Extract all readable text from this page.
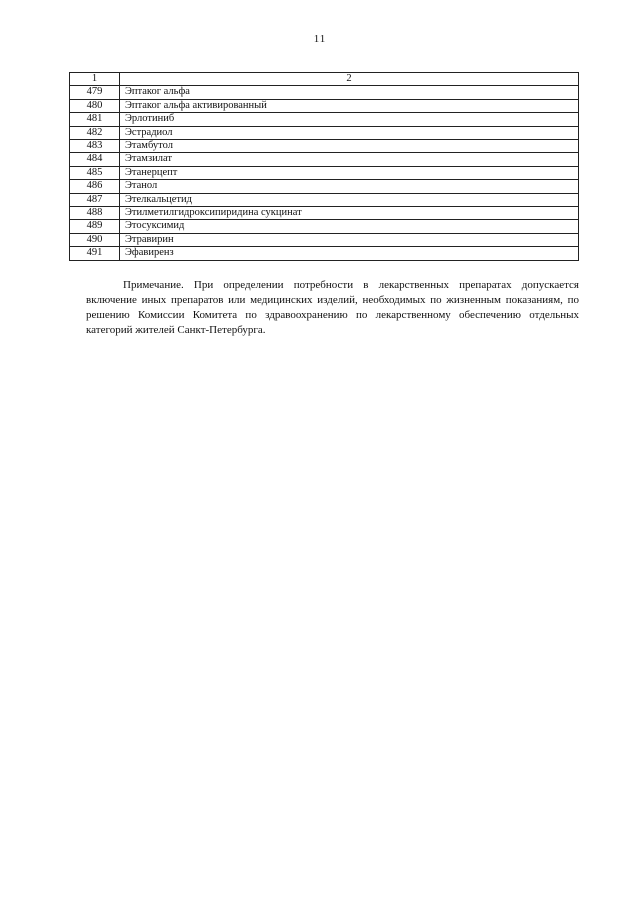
11
1	2
479	Эптаког альфа
480	Эптаког альфа активированный
481	Эрлотиниб
482	Эстрадиол
483	Этамбутол
484	Этамзилат
485	Этанерцепт
486	Этанол
487	Этелкальцетид
488	Этилметилгидроксипиридина сукцинат
489	Этосуксимид
490	Этравирин
491	Эфавиренз

Примечание. При определении потребности в лекарственных препаратах допускается включение иных препаратов или медицинских изделий, необходимых по жизненным показаниям, по решению Комиссии Комитета по здравоохранению по лекарственному обеспечению отдельных категорий жителей Санкт-Петербурга.
